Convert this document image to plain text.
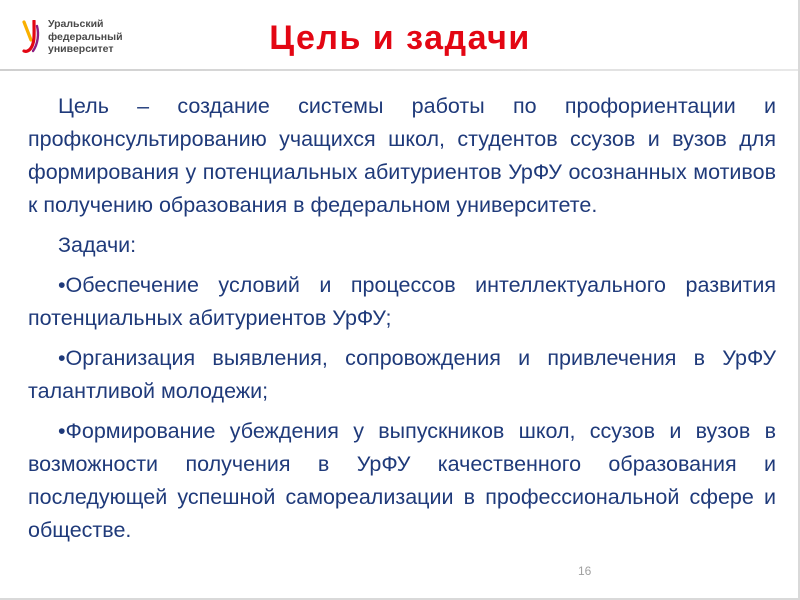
Уральский
федеральный
университет	Цель и задачи

Цель – создание системы работы по профориентации и профконсультированию учащихся школ, студентов ссузов и вузов для формирования у потенциальных абитуриентов УрФУ осознанных мотивов к получению образования в федеральном университете.

Задачи:

•Обеспечение условий и процессов интеллектуального развития потенциальных абитуриентов УрФУ;

•Организация выявления, сопровождения и привлечения в УрФУ талантливой молодежи;

•Формирование убеждения у выпускников школ, ссузов и вузов в возможности получения в УрФУ качественного образования и последующей успешной самореализации в профессиональной сфере и обществе.

16
